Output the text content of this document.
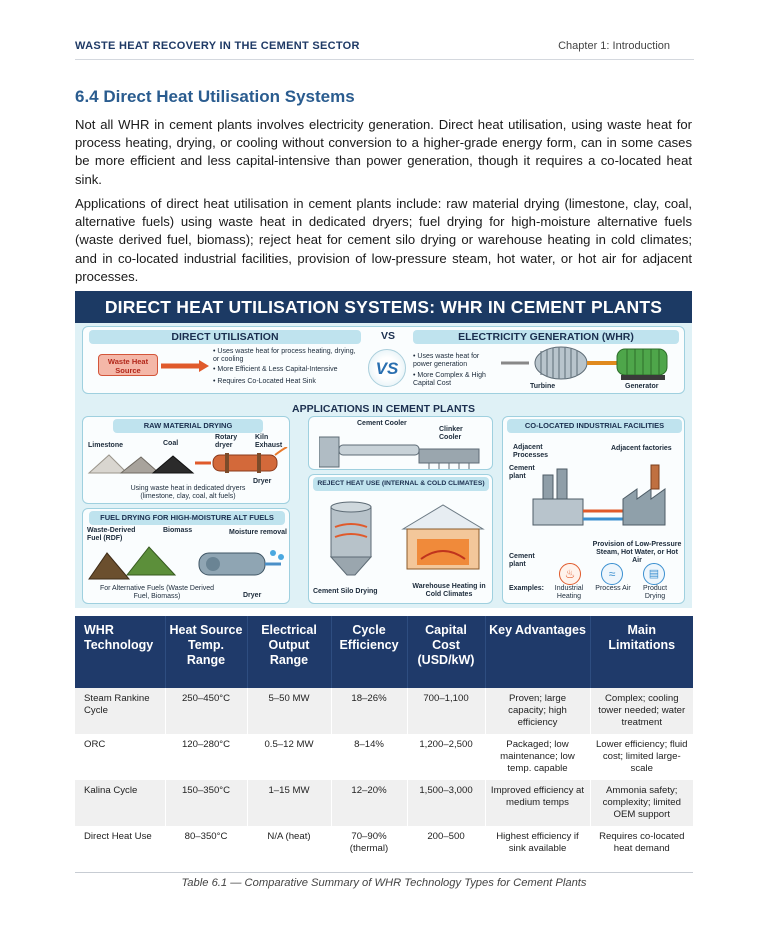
WASTE HEAT RECOVERY IN THE CEMENT SECTOR	Chapter 1: Introduction
6.4 Direct Heat Utilisation Systems

Not all WHR in cement plants involves electricity generation. Direct heat utilisation, using waste heat for process heating, drying, or cooling without conversion to a higher-grade energy form, can in some cases be more efficient and less capital-intensive than power generation, though it requires a co-located heat sink.

Applications of direct heat utilisation in cement plants include: raw material drying (limestone, clay, coal, alternative fuels) using waste heat in dedicated dryers; fuel drying for high-moisture alternative fuels (waste derived fuel, biomass); reject heat for cement silo drying or warehouse heating in cold climates; and in co-located industrial facilities, provision of low-pressure steam, hot water, or hot air for adjacent processes.

DIRECT HEAT UTILISATION SYSTEMS: WHR IN CEMENT PLANTS
DIRECT UTILISATION	ELECTRICITY GENERATION (WHR)
VS
Waste Heat Source
• Uses waste heat for process heating, drying, or cooling
• More Efficient & Less Capital-Intensive
• Requires Co-Located Heat Sink
VS
• Uses waste heat for power generation
• More Complex & High Capital Cost	Turbine	Generator
APPLICATIONS IN CEMENT PLANTS
RAW MATERIAL DRYING
Limestone	Coal
Rotary dryer
Kiln Exhaust
Dryer
Using waste heat in dedicated dryers (limestone, clay, coal, alt fuels)
Cement Cooler
Clinker Cooler
FUEL DRYING FOR HIGH-MOISTURE ALT FUELS
Waste-Derived Fuel (RDF)
Biomass	Moisture removal
For Alternative Fuels (Waste Derived Fuel, Biomass)	Dryer
REJECT HEAT USE (INTERNAL & COLD CLIMATES)
Cement Silo Drying
Warehouse Heating in Cold Climates
CO-LOCATED INDUSTRIAL FACILITIES
Adjacent Processes
Adjacent factories
Cement plant
Provision of Low-Pressure Steam, Hot Water, or Hot Air
Cement plant
Examples:
♨	≈	▤
Industrial Heating
Process Air	Product Drying
WHR Technology	Heat Source Temp. Range	Electrical Output Range	Cycle Efficiency	Capital Cost (USD/kW)	Key Advantages	Main Limitations
Steam Rankine Cycle	250–450°C	5–50 MW	18–26%	700–1,100	Proven; large capacity; high efficiency	Complex; cooling tower needed; water treatment
ORC	120–280°C	0.5–12 MW	8–14%	1,200–2,500	Packaged; low maintenance; low temp. capable	Lower efficiency; fluid cost; limited large-scale
Kalina Cycle	150–350°C	1–15 MW	12–20%	1,500–3,000	Improved efficiency at medium temps	Ammonia safety; complexity; limited OEM support
Direct Heat Use	80–350°C	N/A (heat)	70–90% (thermal)	200–500	Highest efficiency if sink available	Requires co-located heat demand
Table 6.1 — Comparative Summary of WHR Technology Types for Cement Plants
